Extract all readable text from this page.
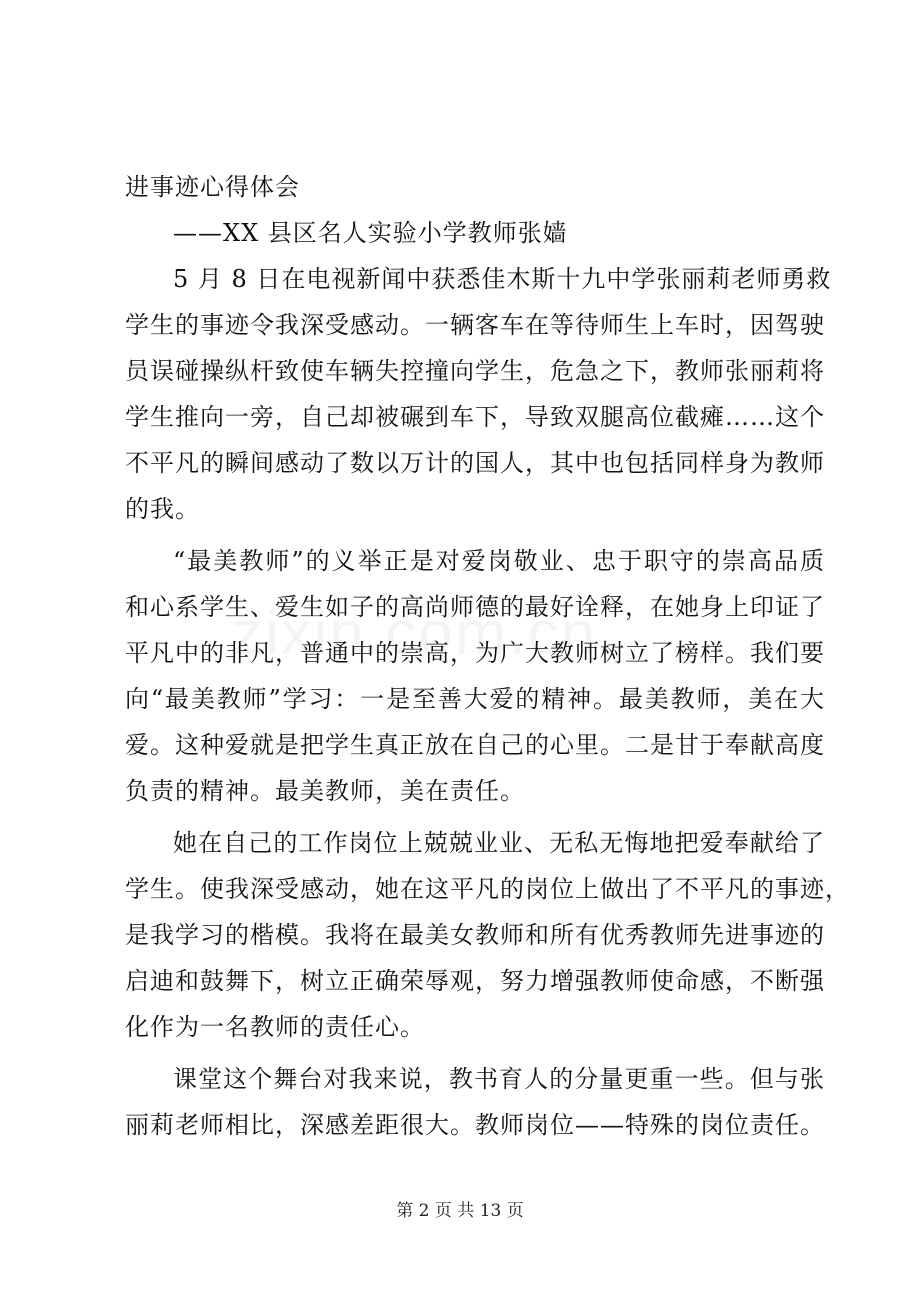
进事迹心得体会
——XX 县区名人实验小学教师张嫱
5 月 8 日在电视新闻中获悉佳木斯十九中学张丽莉老师勇救
学生的事迹令我深受感动。一辆客车在等待师生上车时，因驾驶
员误碰操纵杆致使车辆失控撞向学生，危急之下，教师张丽莉将
学生推向一旁，自己却被碾到车下，导致双腿高位截瘫……这个
不平凡的瞬间感动了数以万计的国人，其中也包括同样身为教师
的我。
“最美教师”的义举正是对爱岗敬业、忠于职守的崇高品质
和心系学生、爱生如子的高尚师德的最好诠释，在她身上印证了
平凡中的非凡，普通中的崇高，为广大教师树立了榜样。我们要
向“最美教师”学习：一是至善大爱的精神。最美教师，美在大
爱。这种爱就是把学生真正放在自己的心里。二是甘于奉献高度
负责的精神。最美教师，美在责任。
她在自己的工作岗位上兢兢业业、无私无悔地把爱奉献给了
学生。使我深受感动，她在这平凡的岗位上做出了不平凡的事迹，
是我学习的楷模。我将在最美女教师和所有优秀教师先进事迹的
启迪和鼓舞下，树立正确荣辱观，努力增强教师使命感，不断强
化作为一名教师的责任心。
课堂这个舞台对我来说，教书育人的分量更重一些。但与张
丽莉老师相比，深感差距很大。教师岗位——特殊的岗位责任。
第 2 页 共 13 页
